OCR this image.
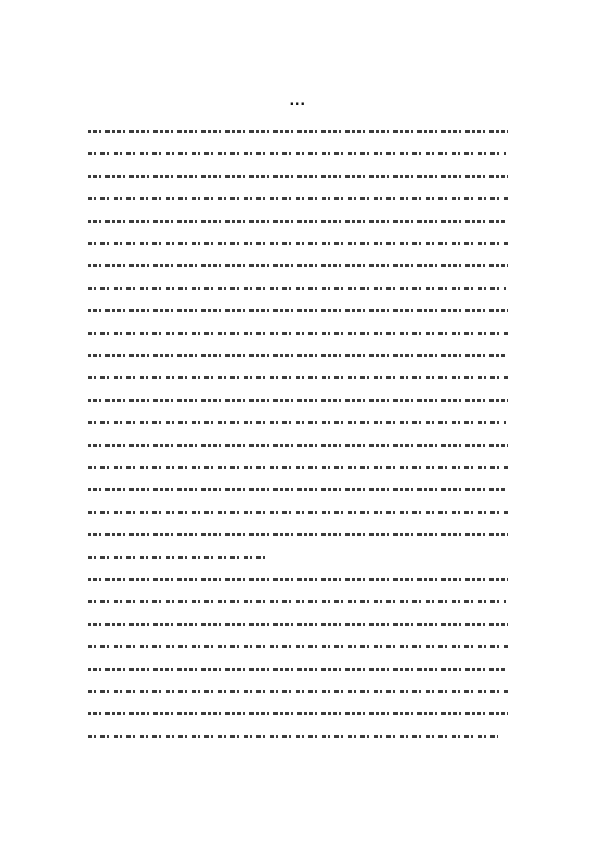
...
